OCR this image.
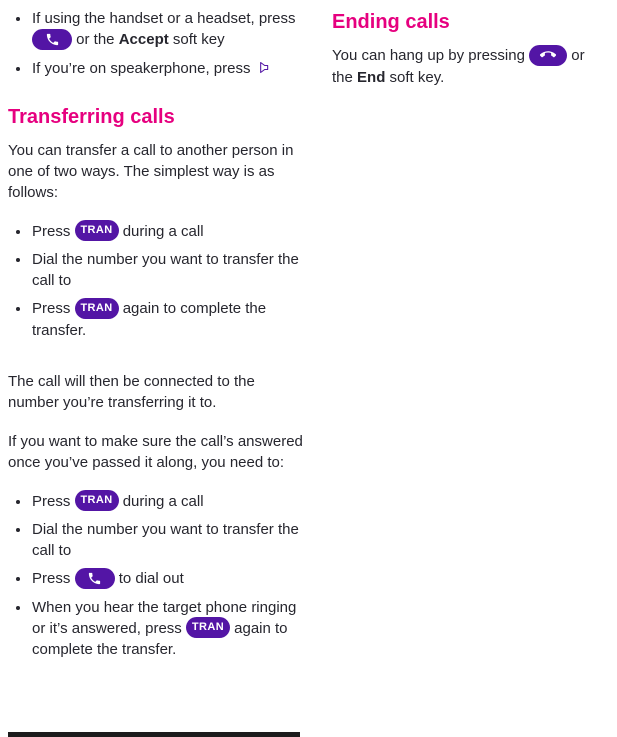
If using the handset or a headset, press
or the Accept soft key
If you’re on speakerphone, press
Transferring calls

You can transfer a call to another person in one of two ways. The simplest way is as follows:

Press TRAN during a call
Dial the number you want to transfer the call to
Press TRAN again to complete the transfer.

The call will then be connected to the number you’re transferring it to.

If you want to make sure the call’s answered once you’ve passed it along, you need to:

Press TRAN during a call
Dial the number you want to transfer the call to
Press	to dial out
When you hear the target phone ringing or it’s answered, press TRAN again to complete the transfer.
Ending calls

You can hang up by pressing	or the End soft key.
